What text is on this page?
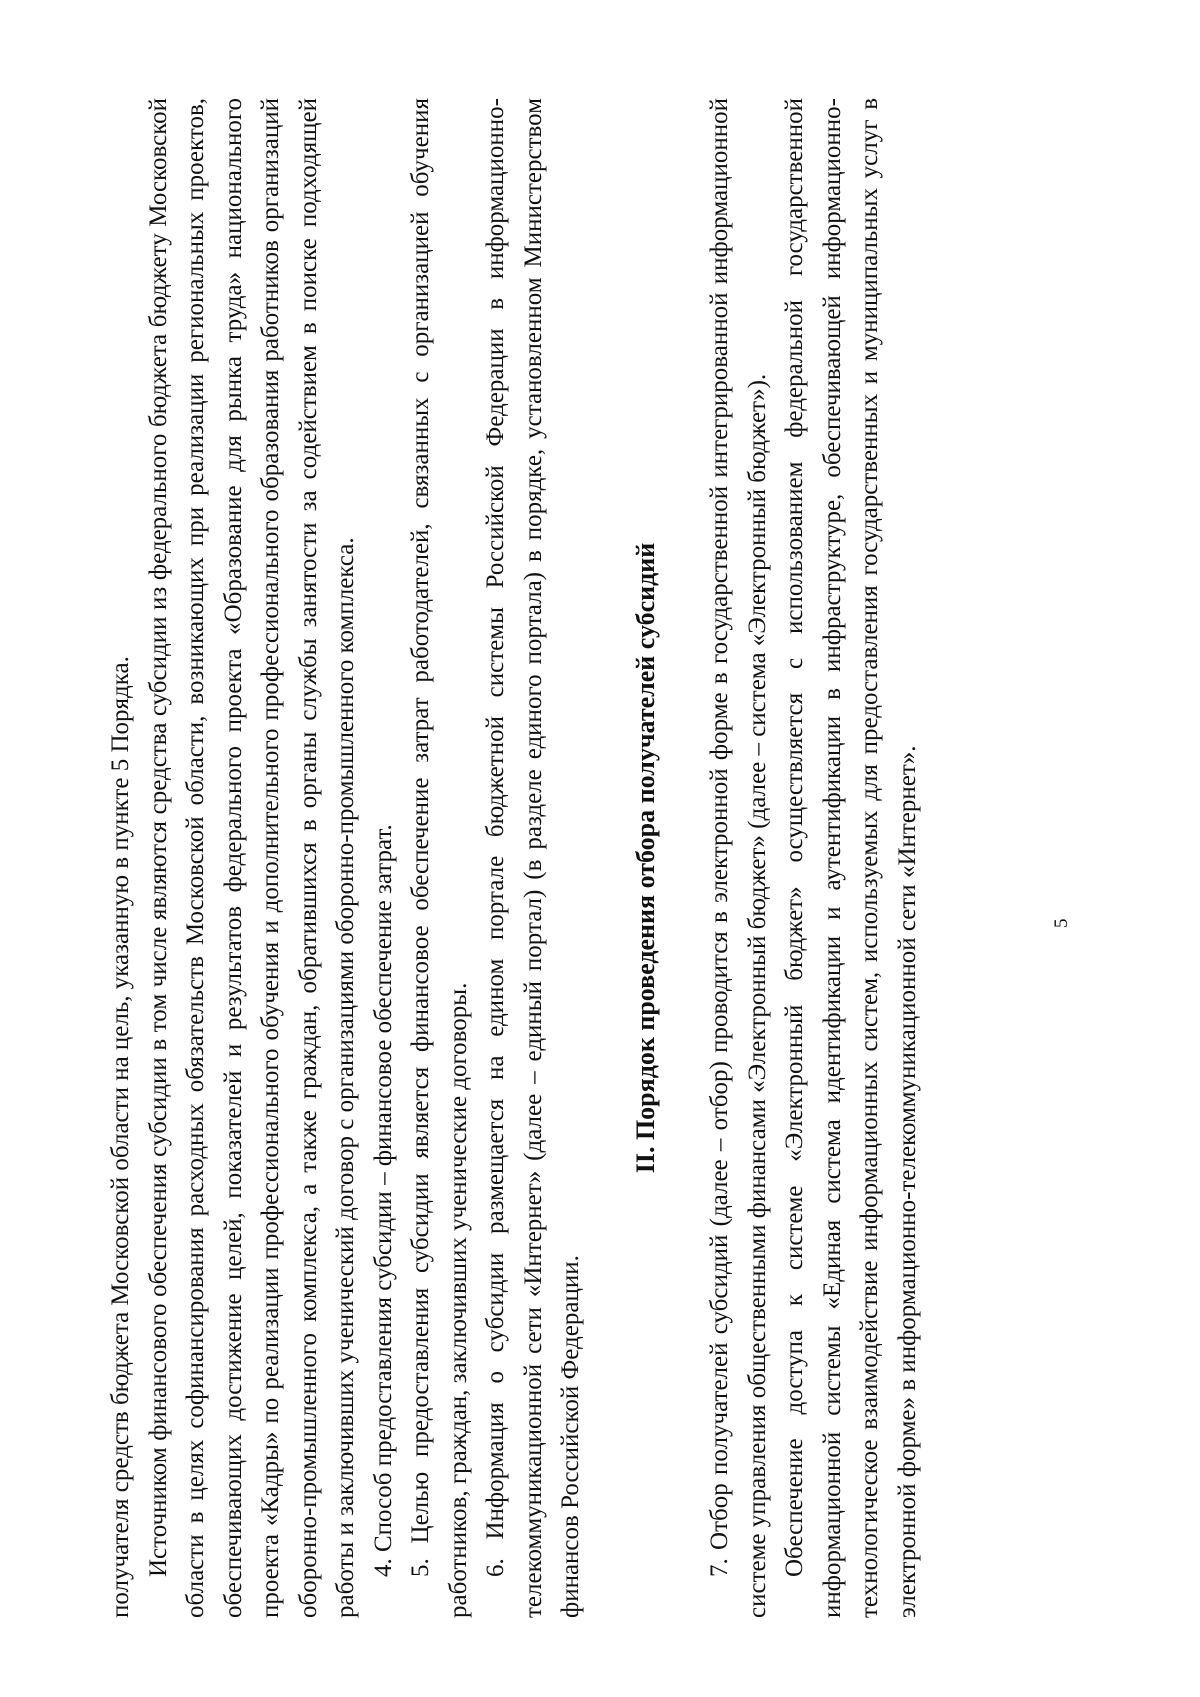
5

получателя средств бюджета Московской области на цель, указанную в пункте 5 Порядка. Источником финансового обеспечения субсидии в том числе являются средства субсидии из федерального бюджета бюджету Московской области в целях софинансирования расходных обязательств Московской области, возникающих при реализации региональных проектов, обеспечивающих достижение целей, показателей и результатов федерального проекта «Образование для рынка труда» национального проекта «Кадры» по реализации профессионального обучения и дополнительного профессионального образования работников организаций оборонно-промышленного комплекса, а также граждан, обратившихся в органы службы занятости за содействием в поиске подходящей работы и заключивших ученический договор с организациями оборонно-промышленного комплекса. 4. Способ предоставления субсидии – финансовое обеспечение затрат. 5. Целью предоставления субсидии является финансовое обеспечение затрат работодателей, связанных с организацией обучения работников, граждан, заключивших ученические договоры. 6. Информация о субсидии размещается на едином портале бюджетной системы Российской Федерации в информационно-телекоммуникационной сети «Интернет» (далее – единый портал) (в разделе единого портала) в порядке, установленном Министерством финансов Российской Федерации.

II. Порядок проведения отбора получателей субсидий 7. Отбор получателей субсидий (далее – отбор) проводится в электронной форме в государственной интегрированной информационной системе управления общественными финансами «Электронный бюджет» (далее – система «Электронный бюджет»). Обеспечение доступа к системе «Электронный бюджет» осуществляется с использованием федеральной государственной информационной системы «Единая система идентификации и аутентификации в инфраструктуре, обеспечивающей информационно-технологическое взаимодействие информационных систем, используемых для предоставления государственных и муниципальных услуг в электронной форме» в информационно-телекоммуникационной сети «Интернет».
